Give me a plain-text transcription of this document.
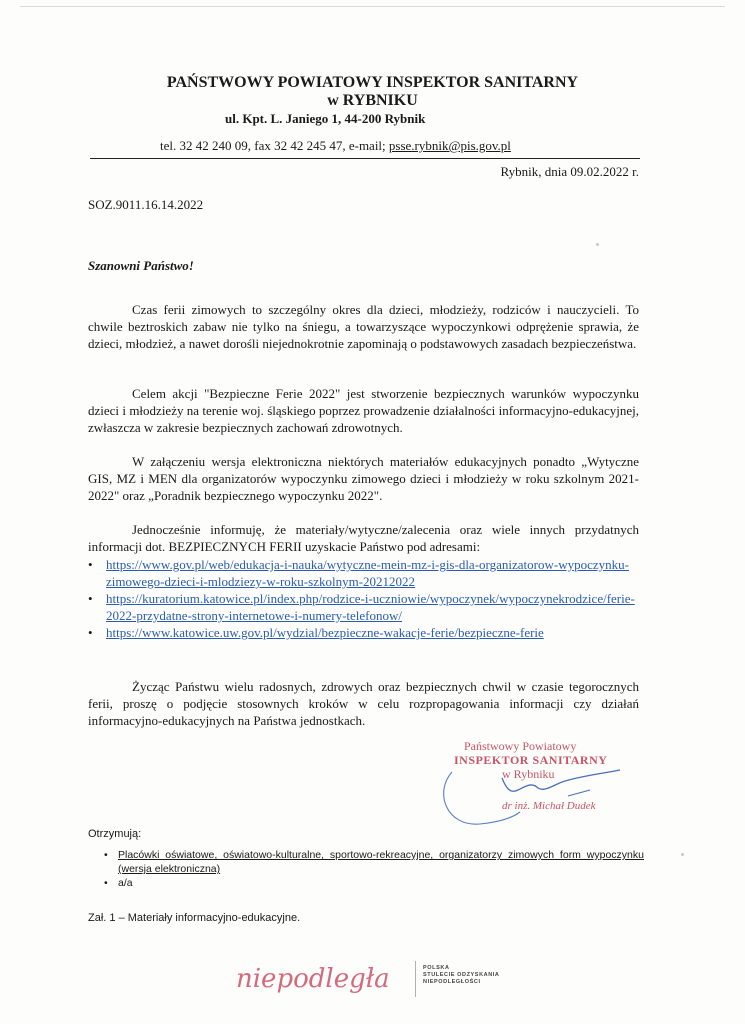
PAŃSTWOWY POWIATOWY INSPEKTOR SANITARNY
w RYBNIKU
ul. Kpt. L. Janiego 1, 44-200 Rybnik
tel. 32 42 240 09, fax 32 42 245 47, e-mail; psse.rybnik@pis.gov.pl
Rybnik, dnia 09.02.2022 r.
SOZ.9011.16.14.2022
Szanowni Państwo!

Czas ferii zimowych to szczególny okres dla dzieci, młodzieży, rodziców i nauczycieli. To chwile beztroskich zabaw nie tylko na śniegu, a towarzyszące wypoczynkowi odprężenie sprawia, że dzieci, młodzież, a nawet dorośli niejednokrotnie zapominają o podstawowych zasadach bezpieczeństwa.

Celem akcji "Bezpieczne Ferie 2022" jest stworzenie bezpiecznych warunków wypoczynku dzieci i młodzieży na terenie woj. śląskiego poprzez prowadzenie działalności informacyjno-edukacyjnej, zwłaszcza w zakresie bezpiecznych zachowań zdrowotnych.

W załączeniu wersja elektroniczna niektórych materiałów edukacyjnych ponadto „Wytyczne GIS, MZ i MEN dla organizatorów wypoczynku zimowego dzieci i młodzieży w roku szkolnym 2021-2022" oraz „Poradnik bezpiecznego wypoczynku 2022".

Jednocześnie informuję, że materiały/wytyczne/zalecenia oraz wiele innych przydatnych informacji dot. BEZPIECZNYCH FERII uzyskacie Państwo pod adresami:

• https://www.gov.pl/web/edukacja-i-nauka/wytyczne-mein-mz-i-gis-dla-organizatorow-wypoczynku-zimowego-dzieci-i-mlodziezy-w-roku-szkolnym-20212022
• https://kuratorium.katowice.pl/index.php/rodzice-i-uczniowie/wypoczynek/wypoczynekrodzice/ferie-2022-przydatne-strony-internetowe-i-numery-telefonow/
• https://www.katowice.uw.gov.pl/wydzial/bezpieczne-wakacje-ferie/bezpieczne-ferie

Życząc Państwu wielu radosnych, zdrowych oraz bezpiecznych chwil w czasie tegorocznych ferii, proszę o podjęcie stosownych kroków w celu rozpropagowania informacji czy działań informacyjno-edukacyjnych na Państwa jednostkach.

Państwowy Powiatowy
INSPEKTOR SANITARNY
w Rybniku
dr inż. Michał Dudek
Otrzymują:
• Placówki oświatowe, oświatowo-kulturalne, sportowo-rekreacyjne, organizatorzy zimowych form wypoczynku (wersja elektroniczna)
• a/a
Zał. 1 – Materiały informacyjno-edukacyjne.
niepodległa	POLSKA
STULECIE ODZYSKANIA
NIEPODLEGŁOŚCI
